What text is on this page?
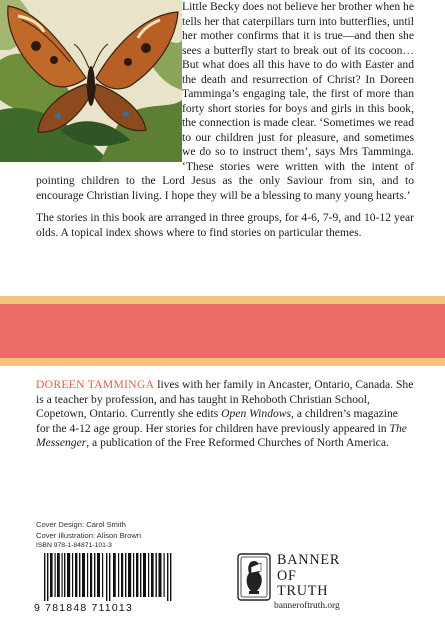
Little Becky does not believe her brother when he tells her that caterpillars turn into butterflies, until her mother confirms that it is true—and then she sees a butterfly start to break out of its cocoon… But what does all this have to do with Easter and the death and resurrection of Christ? In Doreen Tamminga’s engaging tale, the first of more than forty short stories for boys and girls in this book, the connection is made clear. ‘Sometimes we read to our children just for pleasure, and sometimes we do so to instruct them’, says Mrs Tamminga. ‘These stories were written with the intent of pointing children to the Lord Jesus as the only Saviour from sin, and to encourage Christian living. I hope they will be a blessing to many young hearts.’

The stories in this book are arranged in three groups, for 4-6, 7-9, and 10-12 year olds. A topical index shows where to find stories on particular themes.

DOREEN TAMMINGA lives with her family in Ancaster, Ontario, Canada. She is a teacher by profession, and has taught in Rehoboth Christian School, Copetown, Ontario. Currently she edits Open Windows, a children’s magazine for the 4-12 age group. Her stories for children have previously appeared in The Messenger, a publication of the Free Reformed Churches of North America.

Cover Design: Carol Smith
Cover Illustration: Alison Brown
ISBN 978-1-84871-101-3
9 781848 711013
BANNER
OF
TRUTH
banneroftruth.org
